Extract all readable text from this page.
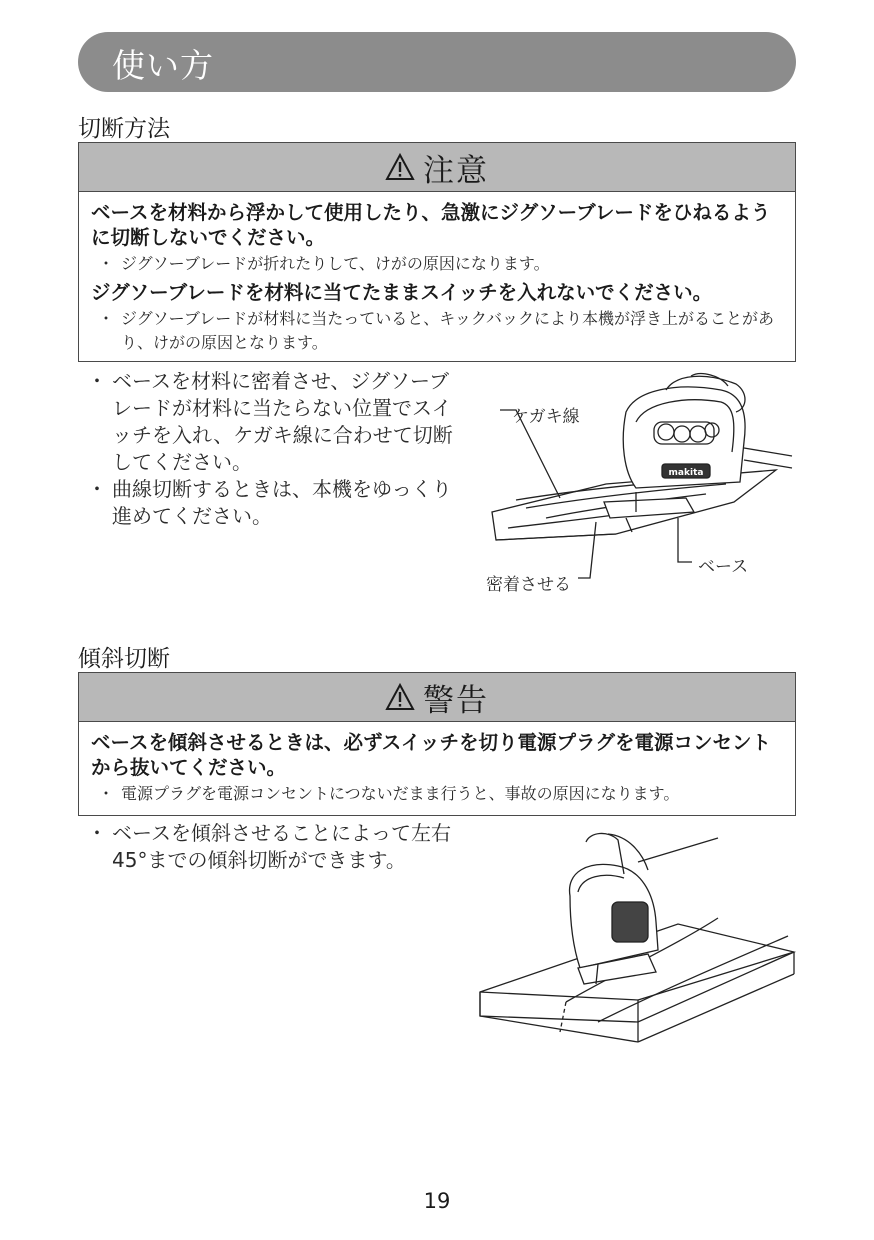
使い方
切断方法
注意
ベースを材料から浮かして使用したり、急激にジグソーブレードをひねるように切断しないでください。
・ ジグソーブレードが折れたりして、けがの原因になります。
ジグソーブレードを材料に当てたままスイッチを入れないでください。
・ ジグソーブレードが材料に当たっていると、キックバックにより本機が浮き上がることがあり、けがの原因となります。
・ ベースを材料に密着させ、ジグソーブレードが材料に当たらない位置でスイッチを入れ、ケガキ線に合わせて切断してください。
・ 曲線切断するときは、本機をゆっくり進めてください。
makita
ケガキ線
ベース
密着させる
傾斜切断
警告
ベースを傾斜させるときは、必ずスイッチを切り電源プラグを電源コンセントから抜いてください。
・ 電源プラグを電源コンセントにつないだまま行うと、事故の原因になります。
・ ベースを傾斜させることによって左右 45°までの傾斜切断ができます。
19
